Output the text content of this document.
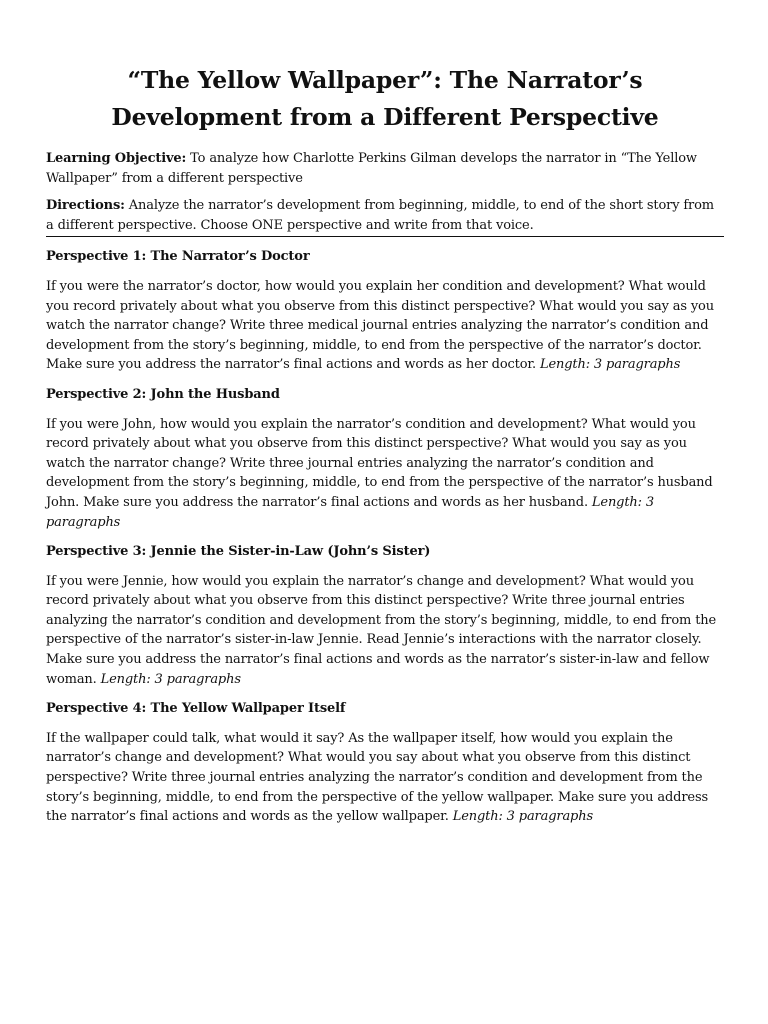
“The Yellow Wallpaper”: The Narrator’s
Development from a Different Perspective

Learning Objective: To analyze how Charlotte Perkins Gilman develops the narrator in “The Yellow Wallpaper” from a different perspective

Directions: Analyze the narrator’s development from beginning, middle, to end of the short story from a different perspective. Choose ONE perspective and write from that voice.

Perspective 1: The Narrator’s Doctor

If you were the narrator’s doctor, how would you explain her condition and development? What would you record privately about what you observe from this distinct perspective? What would you say as you watch the narrator change? Write three medical journal entries analyzing the narrator’s condition and development from the story’s beginning, middle, to end from the perspective of the narrator’s doctor. Make sure you address the narrator’s final actions and words as her doctor. Length: 3 paragraphs

Perspective 2: John the Husband

If you were John, how would you explain the narrator’s condition and development? What would you record privately about what you observe from this distinct perspective? What would you say as you watch the narrator change? Write three journal entries analyzing the narrator’s condition and development from the story’s beginning, middle, to end from the perspective of the narrator’s husband John. Make sure you address the narrator’s final actions and words as her husband. Length: 3 paragraphs

Perspective 3: Jennie the Sister-in-Law (John’s Sister)

If you were Jennie, how would you explain the narrator’s change and development? What would you record privately about what you observe from this distinct perspective? Write three journal entries analyzing the narrator’s condition and development from the story’s beginning, middle, to end from the perspective of the narrator’s sister-in-law Jennie. Read Jennie’s interactions with the narrator closely. Make sure you address the narrator’s final actions and words as the narrator’s sister-in-law and fellow woman. Length: 3 paragraphs

Perspective 4: The Yellow Wallpaper Itself

If the wallpaper could talk, what would it say? As the wallpaper itself, how would you explain the narrator’s change and development? What would you say about what you observe from this distinct perspective? Write three journal entries analyzing the narrator’s condition and development from the story’s beginning, middle, to end from the perspective of the yellow wallpaper. Make sure you address the narrator’s final actions and words as the yellow wallpaper. Length: 3 paragraphs
